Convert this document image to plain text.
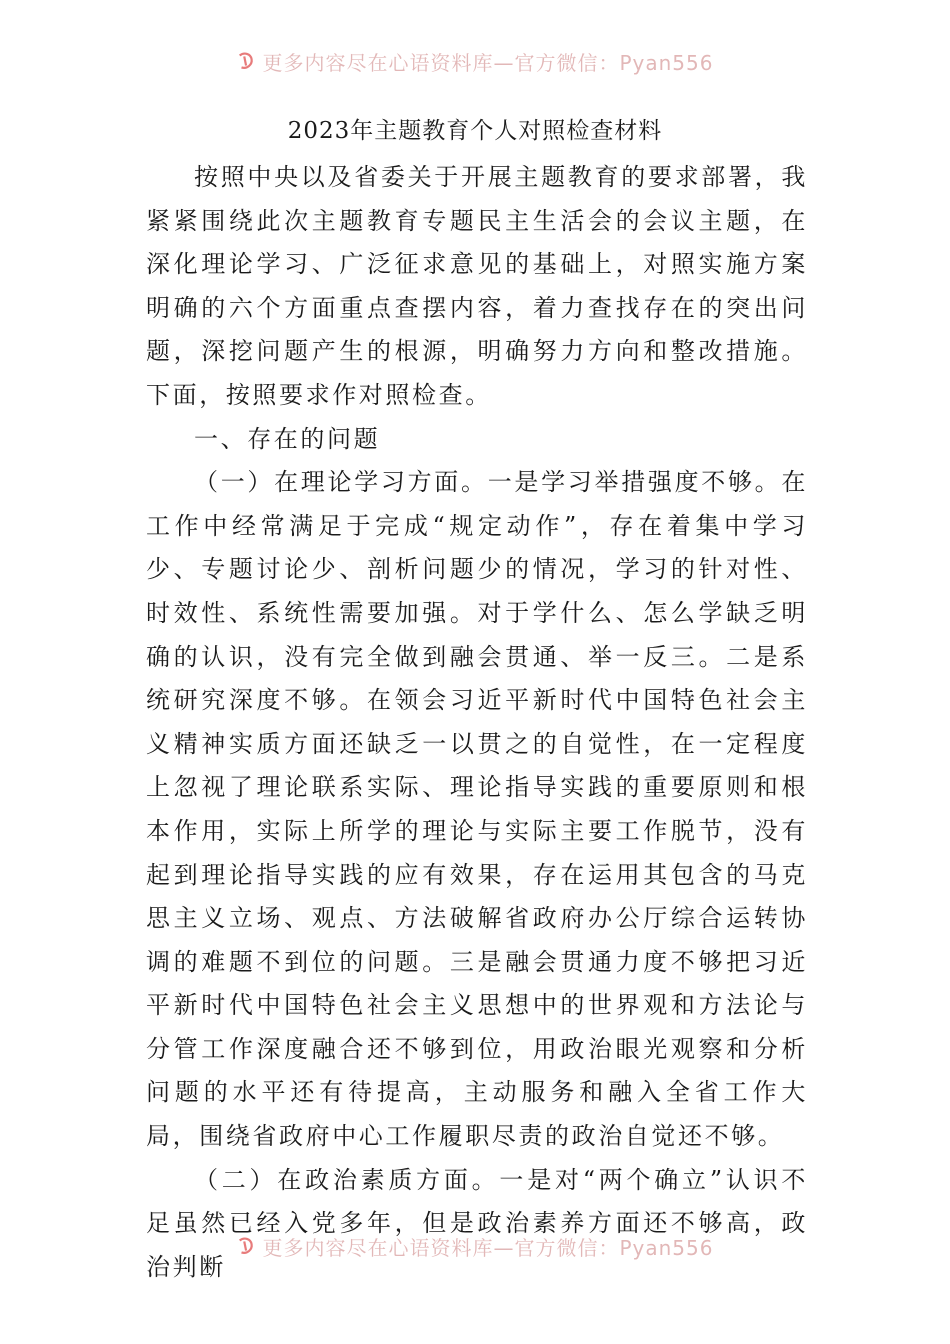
更多内容尽在心语资料库—官方微信：Pyan556
2023年主题教育个人对照检查材料

按照中央以及省委关于开展主题教育的要求部署，我紧紧围绕此次主题教育专题民主生活会的会议主题，在深化理论学习、广泛征求意见的基础上，对照实施方案明确的六个方面重点查摆内容，着力查找存在的突出问题，深挖问题产生的根源，明确努力方向和整改措施。下面，按照要求作对照检查。

一、存在的问题

（一）在理论学习方面。一是学习举措强度不够。在工作中经常满足于完成“规定动作”，存在着集中学习少、专题讨论少、剖析问题少的情况，学习的针对性、时效性、系统性需要加强。对于学什么、怎么学缺乏明确的认识，没有完全做到融会贯通、举一反三。二是系统研究深度不够。在领会习近平新时代中国特色社会主义精神实质方面还缺乏一以贯之的自觉性，在一定程度上忽视了理论联系实际、理论指导实践的重要原则和根本作用，实际上所学的理论与实际主要工作脱节，没有起到理论指导实践的应有效果，存在运用其包含的马克思主义立场、观点、方法破解省政府办公厅综合运转协调的难题不到位的问题。三是融会贯通力度不够把习近平新时代中国特色社会主义思想中的世界观和方法论与分管工作深度融合还不够到位，用政治眼光观察和分析问题的水平还有待提高，主动服务和融入全省工作大局，围绕省政府中心工作履职尽责的政治自觉还不够。

（二）在政治素质方面。一是对“两个确立”认识不足虽然已经入党多年，但是政治素养方面还不够高，政治判断

更多内容尽在心语资料库—官方微信：Pyan556
